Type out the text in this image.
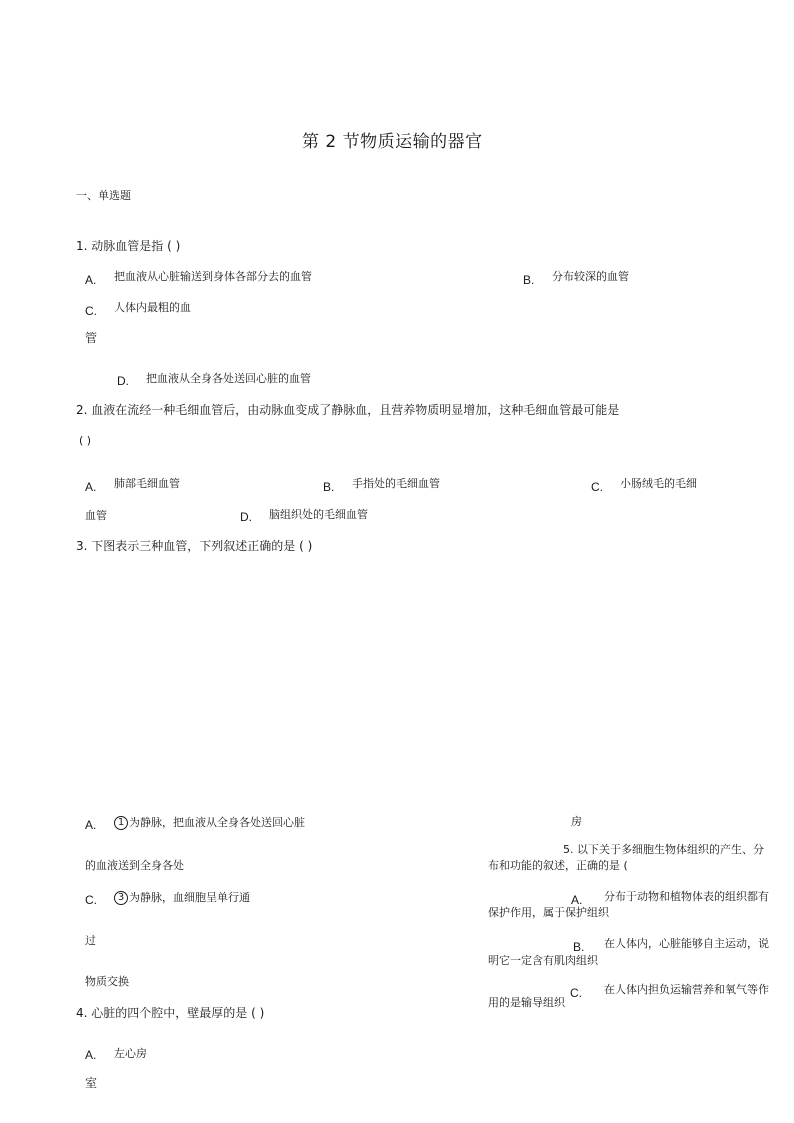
第 2 节物质运输的器官
一、单选题
1. 动脉血管是指 ( )
A. 把血液从心脏输送到身体各部分去的血管	B. 分布较深的血管
C. 人体内最粗的血
管
D. 把血液从全身各处送回心脏的血管
2. 血液在流经一种毛细血管后，由动脉血变成了静脉血，且营养物质明显增加，这种毛细血管最可能是
( )
A. 肺部毛细血管	B. 手指处的毛细血管	C. 小肠绒毛的毛细
血管	D. 脑组织处的毛细血管
3. 下图表示三种血管，下列叙述正确的是 ( )
A.	1 为静脉，把血液从全身各处送回心脏	房
的血液送到全身各处
C.	3 为静脉，血细胞呈单行通
过
物质交换
4. 心脏的四个腔中，壁最厚的是 ( )
A. 左心房
室
5. 以下关于多细胞生物体组织的产生、分
布和功能的叙述，正确的是 (
A. 分布于动物和植物体表的组织都有
保护作用，属于保护组织
B. 在人体内，心脏能够自主运动，说
明它一定含有肌肉组织
C. 在人体内担负运输营养和氧气等作
用的是输导组织
